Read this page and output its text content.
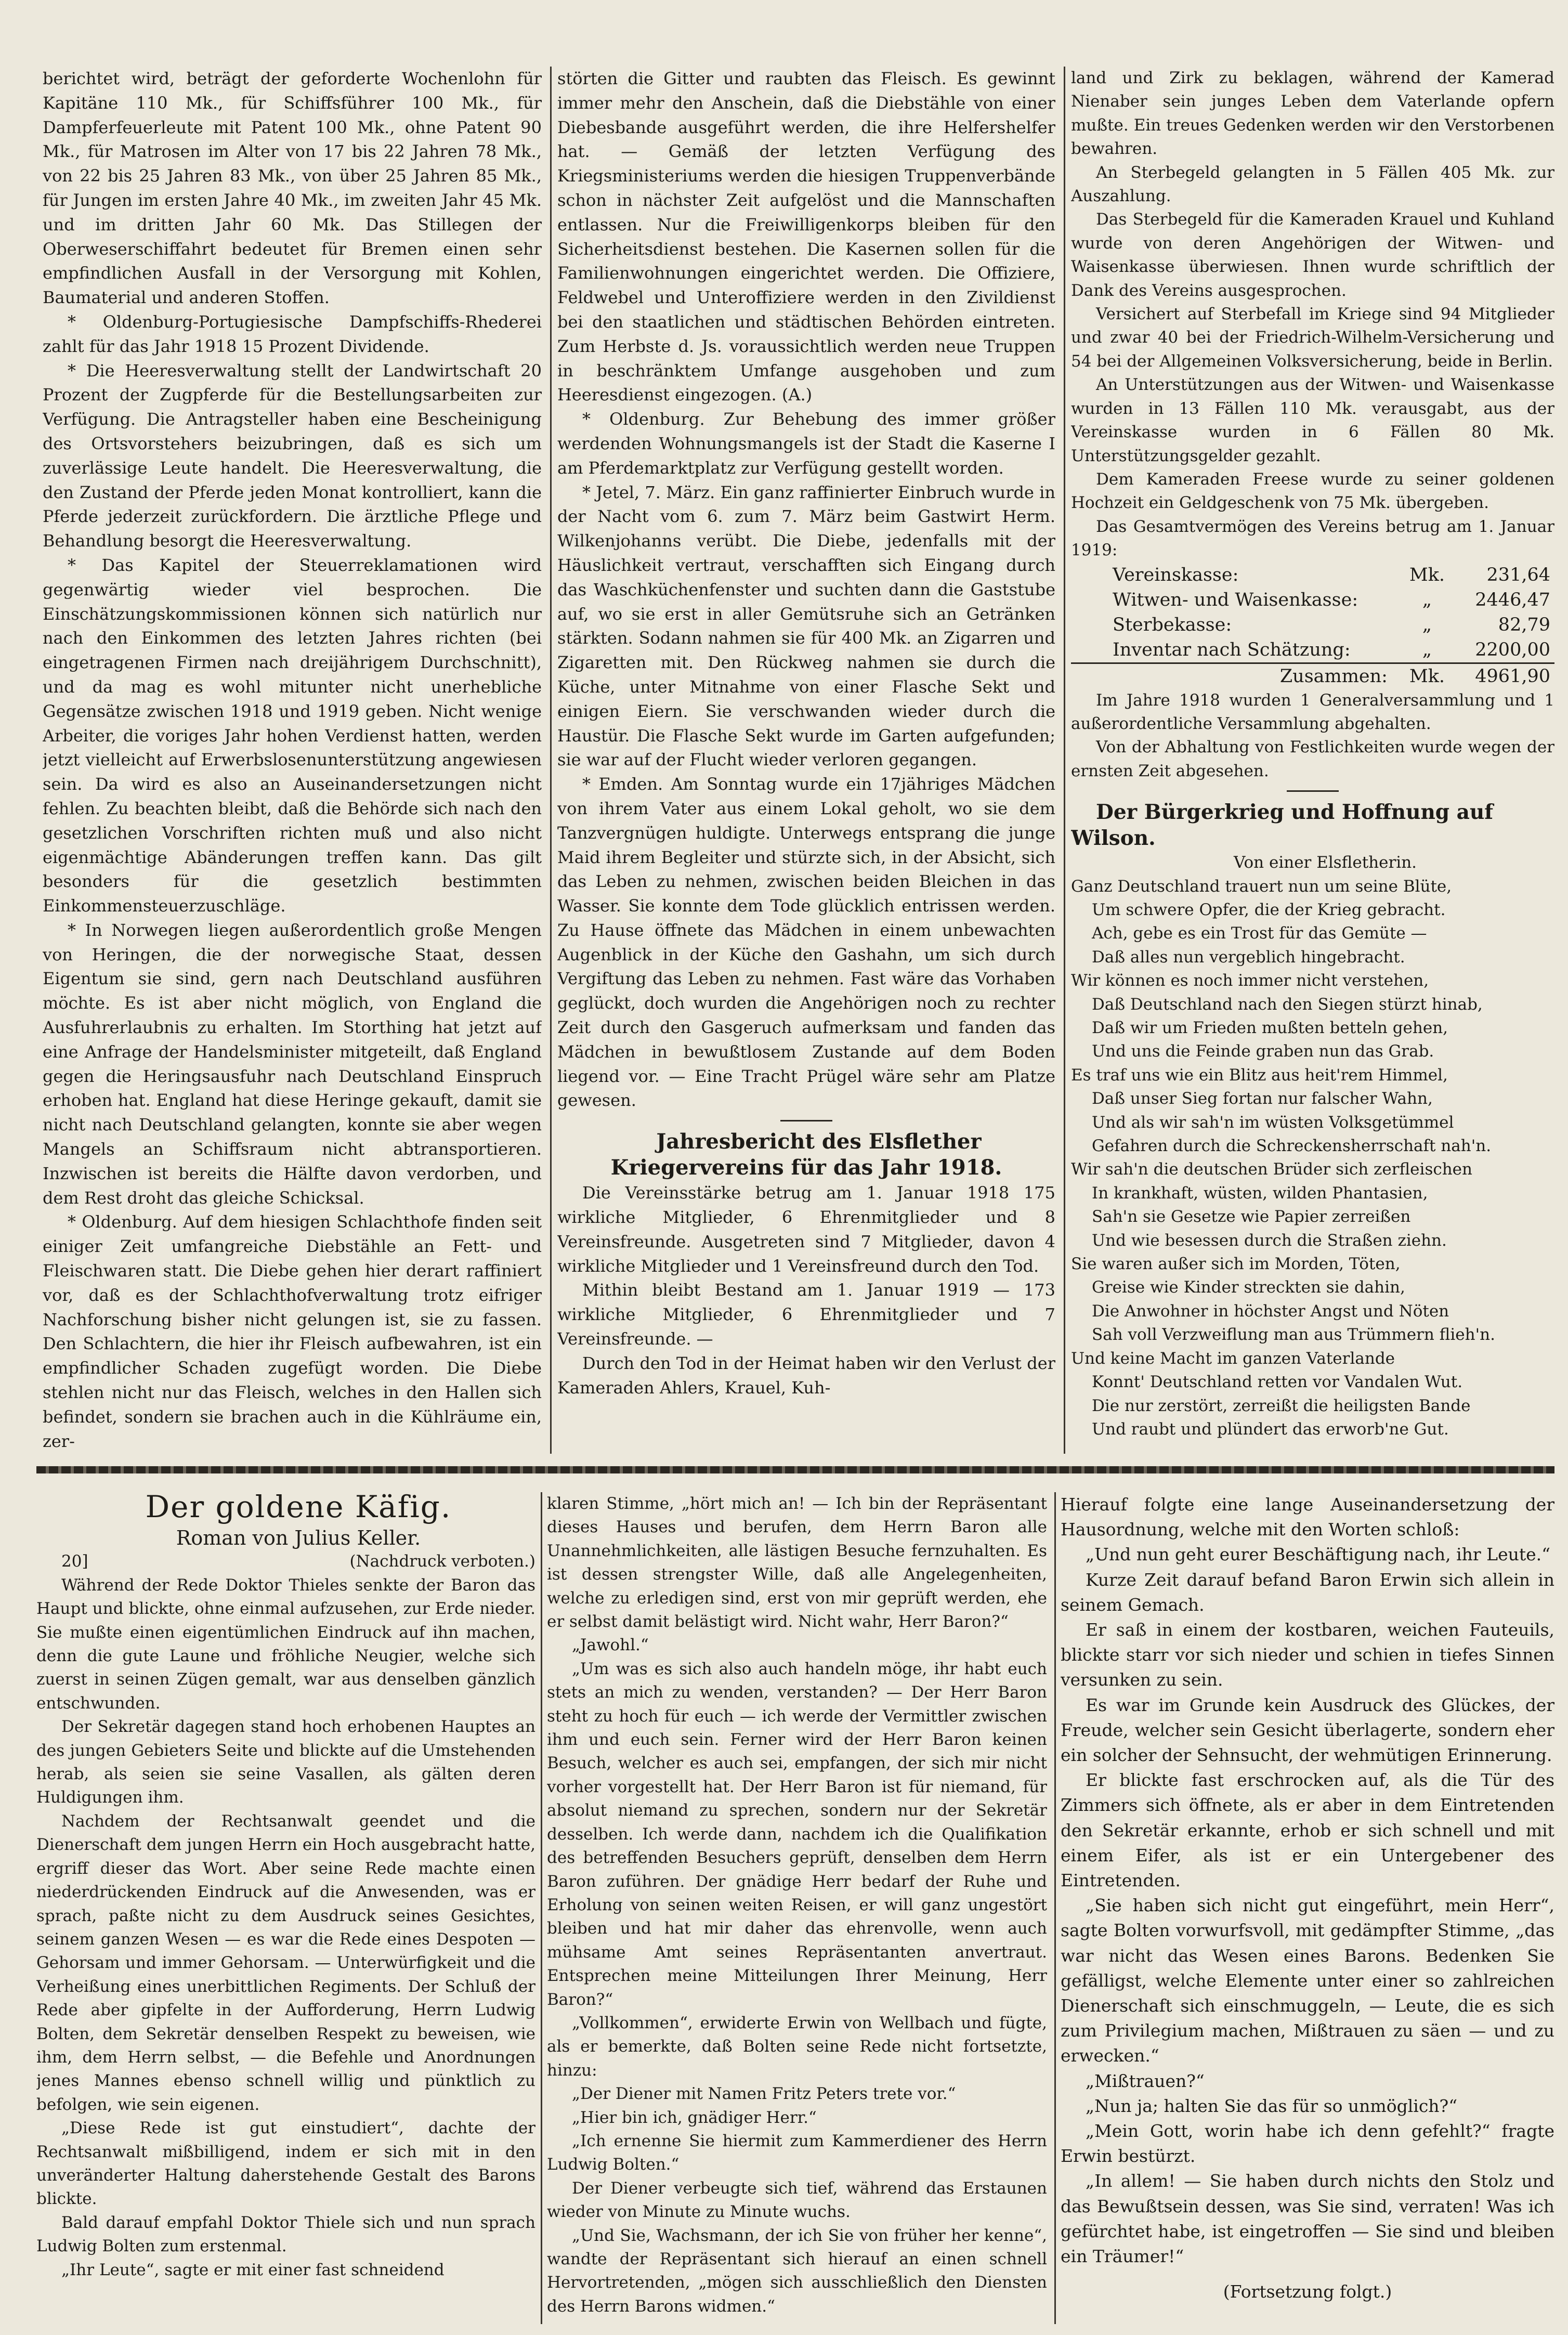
berichtet wird, beträgt der geforderte Wochenlohn für Kapitäne 110 Mk., für Schiffsführer 100 Mk., für Dampferfeuerleute mit Patent 100 Mk., ohne Patent 90 Mk., für Matrosen im Alter von 17 bis 22 Jahren 78 Mk., von 22 bis 25 Jahren 83 Mk., von über 25 Jahren 85 Mk., für Jungen im ersten Jahre 40 Mk., im zweiten Jahr 45 Mk. und im dritten Jahr 60 Mk. Das Stillegen der Oberweserschiffahrt bedeutet für Bremen einen sehr empfindlichen Ausfall in der Versorgung mit Kohlen, Baumaterial und anderen Stoffen.

* Oldenburg-Portugiesische Dampfschiffs-Rhederei zahlt für das Jahr 1918 15 Prozent Dividende.

* Die Heeresverwaltung stellt der Landwirtschaft 20 Prozent der Zugpferde für die Bestellungsarbeiten zur Verfügung. Die Antragsteller haben eine Bescheinigung des Ortsvorstehers beizubringen, daß es sich um zuverlässige Leute handelt. Die Heeresverwaltung, die den Zustand der Pferde jeden Monat kontrolliert, kann die Pferde jederzeit zurückfordern. Die ärztliche Pflege und Behandlung besorgt die Heeresverwaltung.

* Das Kapitel der Steuerreklamationen wird gegenwärtig wieder viel besprochen. Die Einschätzungskommissionen können sich natürlich nur nach den Einkommen des letzten Jahres richten (bei eingetragenen Firmen nach dreijährigem Durchschnitt), und da mag es wohl mitunter nicht unerhebliche Gegensätze zwischen 1918 und 1919 geben. Nicht wenige Arbeiter, die voriges Jahr hohen Verdienst hatten, werden jetzt vielleicht auf Erwerbslosenunterstützung angewiesen sein. Da wird es also an Auseinandersetzungen nicht fehlen. Zu beachten bleibt, daß die Behörde sich nach den gesetzlichen Vorschriften richten muß und also nicht eigenmächtige Abänderungen treffen kann. Das gilt besonders für die gesetzlich bestimmten Einkommensteuerzuschläge.

* In Norwegen liegen außerordentlich große Mengen von Heringen, die der norwegische Staat, dessen Eigentum sie sind, gern nach Deutschland ausführen möchte. Es ist aber nicht möglich, von England die Ausfuhrerlaubnis zu erhalten. Im Storthing hat jetzt auf eine Anfrage der Handelsminister mitgeteilt, daß England gegen die Heringsausfuhr nach Deutschland Einspruch erhoben hat. England hat diese Heringe gekauft, damit sie nicht nach Deutschland gelangten, konnte sie aber wegen Mangels an Schiffsraum nicht abtransportieren. Inzwischen ist bereits die Hälfte davon verdorben, und dem Rest droht das gleiche Schicksal.

* Oldenburg. Auf dem hiesigen Schlachthofe finden seit einiger Zeit umfangreiche Diebstähle an Fett- und Fleischwaren statt. Die Diebe gehen hier derart raffiniert vor, daß es der Schlachthofverwaltung trotz eifriger Nachforschung bisher nicht gelungen ist, sie zu fassen. Den Schlachtern, die hier ihr Fleisch aufbewahren, ist ein empfindlicher Schaden zugefügt worden. Die Diebe stehlen nicht nur das Fleisch, welches in den Hallen sich befindet, sondern sie brachen auch in die Kühlräume ein, zer-

störten die Gitter und raubten das Fleisch. Es gewinnt immer mehr den Anschein, daß die Diebstähle von einer Diebesbande ausgeführt werden, die ihre Helfershelfer hat. — Gemäß der letzten Verfügung des Kriegsministeriums werden die hiesigen Truppenverbände schon in nächster Zeit aufgelöst und die Mannschaften entlassen. Nur die Freiwilligenkorps bleiben für den Sicherheitsdienst bestehen. Die Kasernen sollen für die Familienwohnungen eingerichtet werden. Die Offiziere, Feldwebel und Unteroffiziere werden in den Zivildienst bei den staatlichen und städtischen Behörden eintreten. Zum Herbste d. Js. voraussichtlich werden neue Truppen in beschränktem Umfange ausgehoben und zum Heeresdienst eingezogen. (A.)

* Oldenburg. Zur Behebung des immer größer werdenden Wohnungsmangels ist der Stadt die Kaserne I am Pferdemarktplatz zur Verfügung gestellt worden.

* Jetel, 7. März. Ein ganz raffinierter Einbruch wurde in der Nacht vom 6. zum 7. März beim Gastwirt Herm. Wilkenjohanns verübt. Die Diebe, jedenfalls mit der Häuslichkeit vertraut, verschafften sich Eingang durch das Waschküchenfenster und suchten dann die Gaststube auf, wo sie erst in aller Gemütsruhe sich an Getränken stärkten. Sodann nahmen sie für 400 Mk. an Zigarren und Zigaretten mit. Den Rückweg nahmen sie durch die Küche, unter Mitnahme von einer Flasche Sekt und einigen Eiern. Sie verschwanden wieder durch die Haustür. Die Flasche Sekt wurde im Garten aufgefunden; sie war auf der Flucht wieder verloren gegangen.

* Emden. Am Sonntag wurde ein 17jähriges Mädchen von ihrem Vater aus einem Lokal geholt, wo sie dem Tanzvergnügen huldigte. Unterwegs entsprang die junge Maid ihrem Begleiter und stürzte sich, in der Absicht, sich das Leben zu nehmen, zwischen beiden Bleichen in das Wasser. Sie konnte dem Tode glücklich entrissen werden. Zu Hause öffnete das Mädchen in einem unbewachten Augenblick in der Küche den Gashahn, um sich durch Vergiftung das Leben zu nehmen. Fast wäre das Vorhaben geglückt, doch wurden die Angehörigen noch zu rechter Zeit durch den Gasgeruch aufmerksam und fanden das Mädchen in bewußtlosem Zustande auf dem Boden liegend vor. — Eine Tracht Prügel wäre sehr am Platze gewesen.

Jahresbericht des Elsflether Kriegervereins für das Jahr 1918.

Die Vereinsstärke betrug am 1. Januar 1918 175 wirkliche Mitglieder, 6 Ehrenmitglieder und 8 Vereinsfreunde. Ausgetreten sind 7 Mitglieder, davon 4 wirkliche Mitglieder und 1 Vereinsfreund durch den Tod.

Mithin bleibt Bestand am 1. Januar 1919 — 173 wirkliche Mitglieder, 6 Ehrenmitglieder und 7 Vereinsfreunde. —

Durch den Tod in der Heimat haben wir den Verlust der Kameraden Ahlers, Krauel, Kuh-

land und Zirk zu beklagen, während der Kamerad Nienaber sein junges Leben dem Vaterlande opfern mußte. Ein treues Gedenken werden wir den Verstorbenen bewahren.

An Sterbegeld gelangten in 5 Fällen 405 Mk. zur Auszahlung.

Das Sterbegeld für die Kameraden Krauel und Kuhland wurde von deren Angehörigen der Witwen- und Waisenkasse überwiesen. Ihnen wurde schriftlich der Dank des Vereins ausgesprochen.

Versichert auf Sterbefall im Kriege sind 94 Mitglieder und zwar 40 bei der Friedrich-Wilhelm-Versicherung und 54 bei der Allgemeinen Volksversicherung, beide in Berlin.

An Unterstützungen aus der Witwen- und Waisenkasse wurden in 13 Fällen 110 Mk. verausgabt, aus der Vereinskasse wurden in 6 Fällen 80 Mk. Unterstützungsgelder gezahlt.

Dem Kameraden Freese wurde zu seiner goldenen Hochzeit ein Geldgeschenk von 75 Mk. übergeben.

Das Gesamtvermögen des Vereins betrug am 1. Januar 1919:

Vereinskasse:	Mk.	231,64
Witwen- und Waisenkasse:	„	2446,47
Sterbekasse:	„	82,79
Inventar nach Schätzung:	„	2200,00
Zusammen:	Mk.	4961,90

Im Jahre 1918 wurden 1 Generalversammlung und 1 außerordentliche Versammlung abgehalten.

Von der Abhaltung von Festlichkeiten wurde wegen der ernsten Zeit abgesehen.

Der Bürgerkrieg und Hoffnung auf Wilson.

Von einer Elsfletherin.

Ganz Deutschland trauert nun um seine Blüte,

Um schwere Opfer, die der Krieg gebracht.

Ach, gebe es ein Trost für das Gemüte —

Daß alles nun vergeblich hingebracht.

Wir können es noch immer nicht verstehen,

Daß Deutschland nach den Siegen stürzt hinab,

Daß wir um Frieden mußten betteln gehen,

Und uns die Feinde graben nun das Grab.

Es traf uns wie ein Blitz aus heit'rem Himmel,

Daß unser Sieg fortan nur falscher Wahn,

Und als wir sah'n im wüsten Volksgetümmel

Gefahren durch die Schreckensherrschaft nah'n.

Wir sah'n die deutschen Brüder sich zerfleischen

In krankhaft, wüsten, wilden Phantasien,

Sah'n sie Gesetze wie Papier zerreißen

Und wie besessen durch die Straßen ziehn.

Sie waren außer sich im Morden, Töten,

Greise wie Kinder streckten sie dahin,

Die Anwohner in höchster Angst und Nöten

Sah voll Verzweiflung man aus Trümmern flieh'n.

Und keine Macht im ganzen Vaterlande

Konnt' Deutschland retten vor Vandalen Wut.

Die nur zerstört, zerreißt die heiligsten Bande

Und raubt und plündert das erworb'ne Gut.

Der goldene Käfig.

Roman von Julius Keller.

20]	(Nachdruck verboten.)

Während der Rede Doktor Thieles senkte der Baron das Haupt und blickte, ohne einmal aufzusehen, zur Erde nieder. Sie mußte einen eigentümlichen Eindruck auf ihn machen, denn die gute Laune und fröhliche Neugier, welche sich zuerst in seinen Zügen gemalt, war aus denselben gänzlich entschwunden.

Der Sekretär dagegen stand hoch erhobenen Hauptes an des jungen Gebieters Seite und blickte auf die Umstehenden herab, als seien sie seine Vasallen, als gälten deren Huldigungen ihm.

Nachdem der Rechtsanwalt geendet und die Dienerschaft dem jungen Herrn ein Hoch ausgebracht hatte, ergriff dieser das Wort. Aber seine Rede machte einen niederdrückenden Eindruck auf die Anwesenden, was er sprach, paßte nicht zu dem Ausdruck seines Gesichtes, seinem ganzen Wesen — es war die Rede eines Despoten — Gehorsam und immer Gehorsam. — Unterwürfigkeit und die Verheißung eines unerbittlichen Regiments. Der Schluß der Rede aber gipfelte in der Aufforderung, Herrn Ludwig Bolten, dem Sekretär denselben Respekt zu beweisen, wie ihm, dem Herrn selbst, — die Befehle und Anordnungen jenes Mannes ebenso schnell willig und pünktlich zu befolgen, wie sein eigenen.

„Diese Rede ist gut einstudiert“, dachte der Rechtsanwalt mißbilligend, indem er sich mit in den unveränderter Haltung daherstehende Gestalt des Barons blickte.

Bald darauf empfahl Doktor Thiele sich und nun sprach Ludwig Bolten zum erstenmal.

„Ihr Leute“, sagte er mit einer fast schneidend

klaren Stimme, „hört mich an! — Ich bin der Repräsentant dieses Hauses und berufen, dem Herrn Baron alle Unannehmlichkeiten, alle lästigen Besuche fernzuhalten. Es ist dessen strengster Wille, daß alle Angelegenheiten, welche zu erledigen sind, erst von mir geprüft werden, ehe er selbst damit belästigt wird. Nicht wahr, Herr Baron?“

„Jawohl.“

„Um was es sich also auch handeln möge, ihr habt euch stets an mich zu wenden, verstanden? — Der Herr Baron steht zu hoch für euch — ich werde der Vermittler zwischen ihm und euch sein. Ferner wird der Herr Baron keinen Besuch, welcher es auch sei, empfangen, der sich mir nicht vorher vorgestellt hat. Der Herr Baron ist für niemand, für absolut niemand zu sprechen, sondern nur der Sekretär desselben. Ich werde dann, nachdem ich die Qualifikation des betreffenden Besuchers geprüft, denselben dem Herrn Baron zuführen. Der gnädige Herr bedarf der Ruhe und Erholung von seinen weiten Reisen, er will ganz ungestört bleiben und hat mir daher das ehrenvolle, wenn auch mühsame Amt seines Repräsentanten anvertraut. Entsprechen meine Mitteilungen Ihrer Meinung, Herr Baron?“

„Vollkommen“, erwiderte Erwin von Wellbach und fügte, als er bemerkte, daß Bolten seine Rede nicht fortsetzte, hinzu:

„Der Diener mit Namen Fritz Peters trete vor.“

„Hier bin ich, gnädiger Herr.“

„Ich ernenne Sie hiermit zum Kammerdiener des Herrn Ludwig Bolten.“

Der Diener verbeugte sich tief, während das Erstaunen wieder von Minute zu Minute wuchs.

„Und Sie, Wachsmann, der ich Sie von früher her kenne“, wandte der Repräsentant sich hierauf an einen schnell Hervortretenden, „mögen sich ausschließlich den Diensten des Herrn Barons widmen.“

Hierauf folgte eine lange Auseinandersetzung der Hausordnung, welche mit den Worten schloß:

„Und nun geht eurer Beschäftigung nach, ihr Leute.“

Kurze Zeit darauf befand Baron Erwin sich allein in seinem Gemach.

Er saß in einem der kostbaren, weichen Fauteuils, blickte starr vor sich nieder und schien in tiefes Sinnen versunken zu sein.

Es war im Grunde kein Ausdruck des Glückes, der Freude, welcher sein Gesicht überlagerte, sondern eher ein solcher der Sehnsucht, der wehmütigen Erinnerung.

Er blickte fast erschrocken auf, als die Tür des Zimmers sich öffnete, als er aber in dem Eintretenden den Sekretär erkannte, erhob er sich schnell und mit einem Eifer, als ist er ein Untergebener des Eintretenden.

„Sie haben sich nicht gut eingeführt, mein Herr“, sagte Bolten vorwurfsvoll, mit gedämpfter Stimme, „das war nicht das Wesen eines Barons. Bedenken Sie gefälligst, welche Elemente unter einer so zahlreichen Dienerschaft sich einschmuggeln, — Leute, die es sich zum Privilegium machen, Mißtrauen zu säen — und zu erwecken.“

„Mißtrauen?“

„Nun ja; halten Sie das für so unmöglich?“

„Mein Gott, worin habe ich denn gefehlt?“ fragte Erwin bestürzt.

„In allem! — Sie haben durch nichts den Stolz und das Bewußtsein dessen, was Sie sind, verraten! Was ich gefürchtet habe, ist eingetroffen — Sie sind und bleiben ein Träumer!“

(Fortsetzung folgt.)
